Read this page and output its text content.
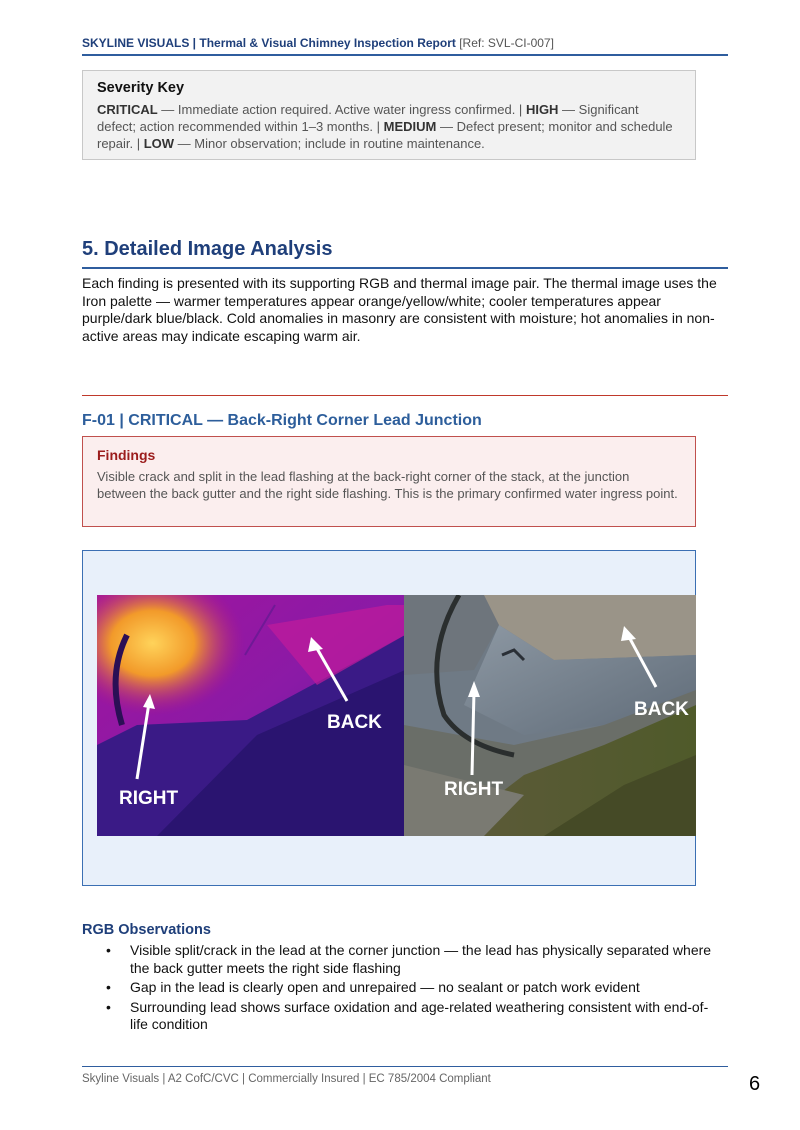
SKYLINE VISUALS | Thermal & Visual Chimney Inspection Report [Ref: SVL-CI-007]
Severity Key
CRITICAL — Immediate action required. Active water ingress confirmed. | HIGH — Significant defect; action recommended within 1–3 months. | MEDIUM — Defect present; monitor and schedule repair. | LOW — Minor observation; include in routine maintenance.
5. Detailed Image Analysis
Each finding is presented with its supporting RGB and thermal image pair. The thermal image uses the Iron palette — warmer temperatures appear orange/yellow/white; cooler temperatures appear purple/dark blue/black. Cold anomalies in masonry are consistent with moisture; hot anomalies in non-active areas may indicate escaping warm air.
F-01 | CRITICAL — Back-Right Corner Lead Junction
Findings
Visible crack and split in the lead flashing at the back-right corner of the stack, at the junction between the back gutter and the right side flashing. This is the primary confirmed water ingress point.
BACK
RIGHT
BACK
RIGHT
RGB Observations
• Visible split/crack in the lead at the corner junction — the lead has physically separated where the back gutter meets the right side flashing
• Gap in the lead is clearly open and unrepaired — no sealant or patch work evident
• Surrounding lead shows surface oxidation and age-related weathering consistent with end-of-life condition
Skyline Visuals | A2 CofC/CVC | Commercially Insured | EC 785/2004 Compliant	6
